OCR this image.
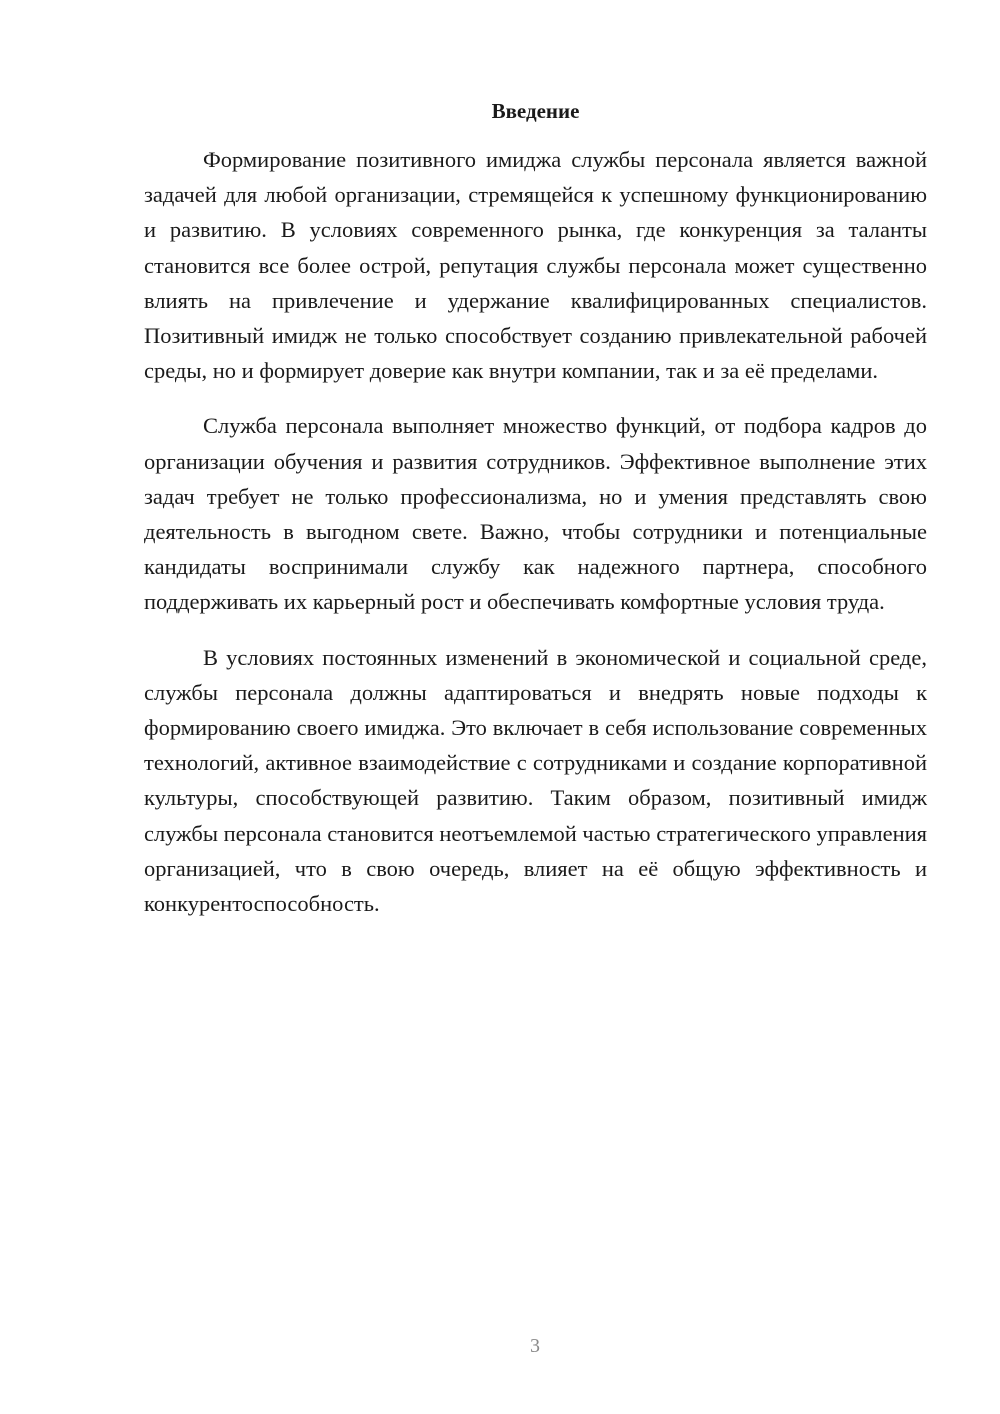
Введение

Формирование позитивного имиджа службы персонала является важной задачей для любой организации, стремящейся к успешному функционированию и развитию. В условиях современного рынка, где конкуренция за таланты становится все более острой, репутация службы персонала может существенно влиять на привлечение и удержание квалифицированных специалистов. Позитивный имидж не только способствует созданию привлекательной рабочей среды, но и формирует доверие как внутри компании, так и за её пределами.

Служба персонала выполняет множество функций, от подбора кадров до организации обучения и развития сотрудников. Эффективное выполнение этих задач требует не только профессионализма, но и умения представлять свою деятельность в выгодном свете. Важно, чтобы сотрудники и потенциальные кандидаты воспринимали службу как надежного партнера, способного поддерживать их карьерный рост и обеспечивать комфортные условия труда.

В условиях постоянных изменений в экономической и социальной среде, службы персонала должны адаптироваться и внедрять новые подходы к формированию своего имиджа. Это включает в себя использование современных технологий, активное взаимодействие с сотрудниками и создание корпоративной культуры, способствующей развитию. Таким образом, позитивный имидж службы персонала становится неотъемлемой частью стратегического управления организацией, что в свою очередь, влияет на её общую эффективность и конкурентоспособность.

3
